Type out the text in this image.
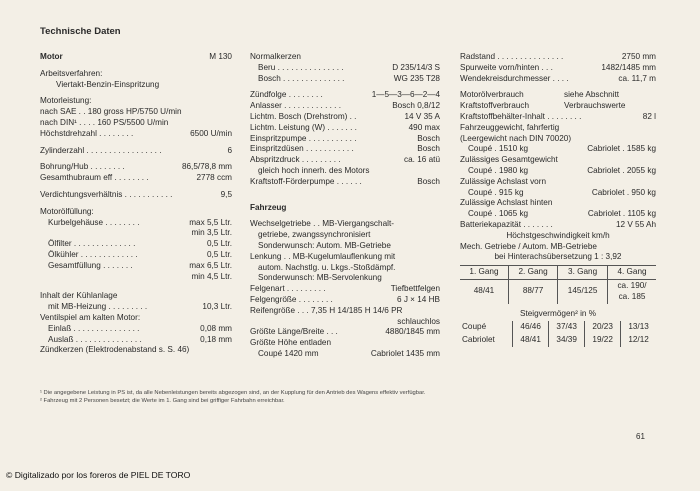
Technische Daten
Motor	M 130
Arbeitsverfahren:
Viertakt-Benzin-Einspritzung
Motorleistung:
nach SAE . . 180 gross HP/5750 U/min
nach DIN¹ . . . . 160 PS/5500 U/min
Höchstdrehzahl . . . . . . . .	6500 U/min
Zylinderzahl . . . . . . . . . . . . . . . . .	6
Bohrung/Hub . . . . . . . .	86,5/78,8 mm
Gesamthubraum eff . . . . . . . .	2778 ccm
Verdichtungsverhältnis . . . . . . . . . . .	9,5
Motorölfüllung:
Kurbelgehäuse . . . . . . . .	max 5,5 Ltr.
min 3,5 Ltr.
Ölfilter . . . . . . . . . . . . . .	0,5 Ltr.
Ölkühler . . . . . . . . . . . . .	0,5 Ltr.
Gesamtfüllung . . . . . . .	max 6,5 Ltr.
min 4,5 Ltr.
Inhalt der Kühlanlage
mit MB-Heizung . . . . . . . . .	10,3 Ltr.
Ventilspiel am kalten Motor:
Einlaß . . . . . . . . . . . . . . .	0,08 mm
Auslaß . . . . . . . . . . . . . . .	0,18 mm
Zündkerzen (Elektrodenabstand s. S. 46)
Normalkerzen
Beru . . . . . . . . . . . . . . .	D 235/14/3 S
Bosch . . . . . . . . . . . . . .	WG 235 T28
Zündfolge . . . . . . . .	1—5—3—6—2—4
Anlasser . . . . . . . . . . . . .	Bosch 0,8/12
Lichtm. Bosch (Drehstrom) . .	14 V 35 A
Lichtm. Leistung (W) . . . . . . .	490 max
Einspritzpumpe . . . . . . . . . . .	Bosch
Einspritzdüsen . . . . . . . . . . .	Bosch
Abspritzdruck . . . . . . . . .	ca. 16 atü
gleich hoch innerh. des Motors
Kraftstoff-Förderpumpe . . . . . .	Bosch
Fahrzeug
Wechselgetriebe . . MB-Viergangschalt-
getriebe, zwangssynchronisiert
Sonderwunsch: Autom. MB-Getriebe
Lenkung . . MB-Kugelumlauflenkung mit
autom. Nachstlg. u. Lkgs.-Stoßdämpf.
Sonderwunsch: MB-Servolenkung
Felgenart . . . . . . . . .	Tiefbettfelgen
Felgengröße . . . . . . . .	6 J × 14 HB
Reifengröße . . . 7,35 H 14/185 H 14/6 PR
schlauchlos
Größte Länge/Breite . . .	4880/1845 mm
Größte Höhe entladen
Coupé 1420 mm	Cabriolet 1435 mm
Radstand . . . . . . . . . . . . . . .	2750 mm
Spurweite vorn/hinten . . .	1482/1485 mm
Wendekreisdurchmesser . . . .	ca. 11,7 m
Motorölverbrauch	siehe Abschnitt
Kraftstoffverbrauch	Verbrauchswerte
Kraftstoffbehälter-Inhalt . . . . . . . .	82 l
Fahrzeuggewicht, fahrfertig
(Leergewicht nach DIN 70020)
Coupé . 1510 kg	Cabriolet . 1585 kg
Zulässiges Gesamtgewicht
Coupé . 1980 kg	Cabriolet . 2055 kg
Zulässige Achslast vorn
Coupé . 915 kg	Cabriolet . 950 kg
Zulässige Achslast hinten
Coupé . 1065 kg	Cabriolet . 1105 kg
Batteriekapazität . . . . . . .	12 V 55 Ah
Höchstgeschwindigkeit km/h
Mech. Getriebe / Autom. MB-Getriebe
bei Hinterachsübersetzung 1 : 3,92
1. Gang	2. Gang	3. Gang	4. Gang
48/41	88/77	145/125	ca. 190/
ca. 185
Steigvermögen² in %
Coupé	46/46	37/43	20/23	13/13
Cabriolet	48/41	34/39	19/22	12/12
¹ Die angegebene Leistung in PS ist, da alle Nebenleistungen bereits abgezogen sind, an der Kupplung für den Antrieb des Wagens effektiv verfügbar.
² Fahrzeug mit 2 Personen besetzt; die Werte im 1. Gang sind bei griffiger Fahrbahn erreichbar.
61
© Digitalizado por los foreros de PIEL DE TORO
